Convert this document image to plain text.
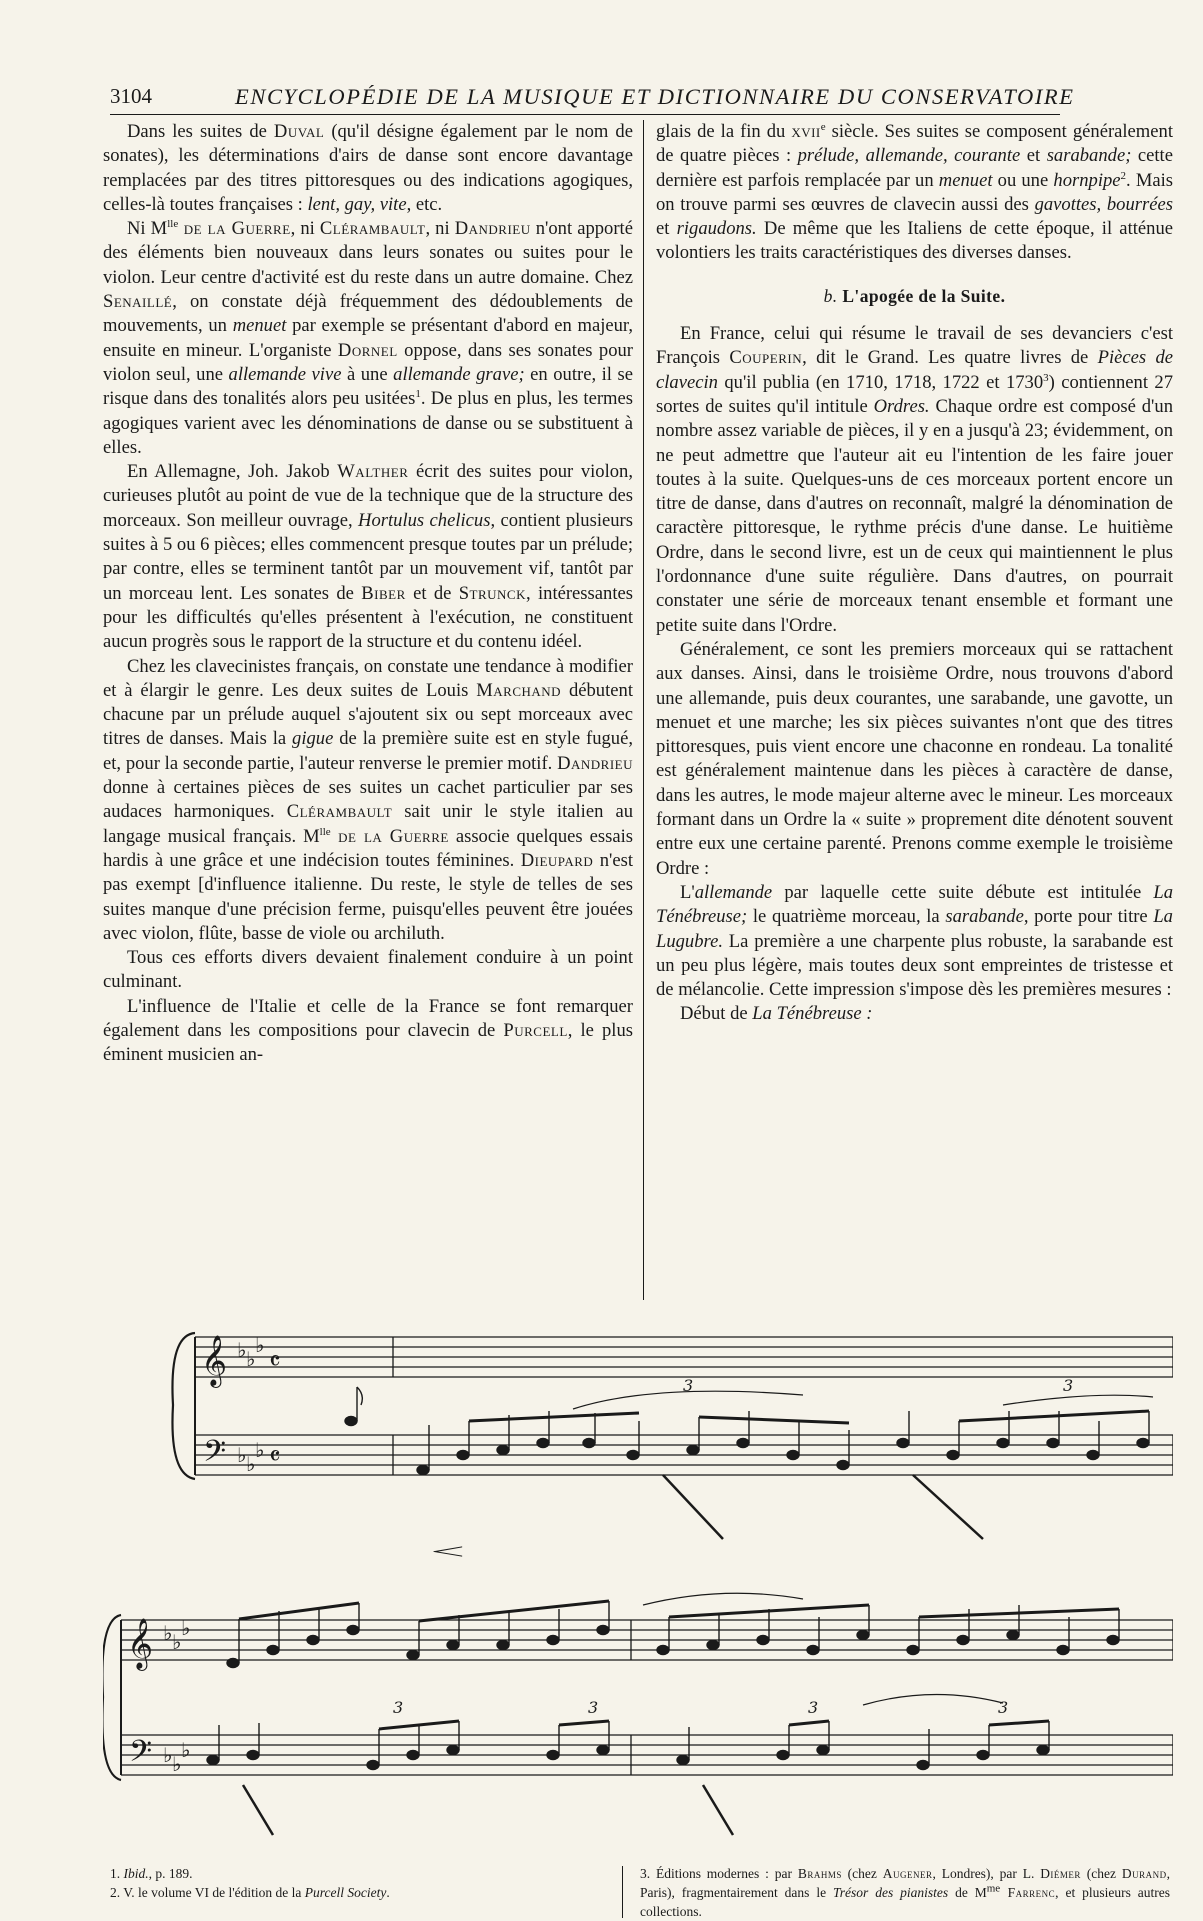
3104	ENCYCLOPÉDIE DE LA MUSIQUE ET DICTIONNAIRE DU CONSERVATOIRE

Dans les suites de Duval (qu'il désigne également par le nom de sonates), les déterminations d'airs de danse sont encore davantage remplacées par des titres pittoresques ou des indications agogiques, celles-là toutes françaises : lent, gay, vite, etc.

Ni $M^{lle}$ de la Guerre, ni Clérambault, ni Dandrieu n'ont apporté des éléments bien nouveaux dans leurs sonates ou suites pour le violon. Leur centre d'activité est du reste dans un autre domaine. Chez Senaillé, on constate déjà fréquemment des dédoublements de mouvements, un menuet par exemple se présentant d'abord en majeur, ensuite en mineur. L'organiste Dornel oppose, dans ses sonates pour violon seul, une allemande vive à une allemande grave; en outre, il se risque dans des tonalités alors peu usitées$^1$. De plus en plus, les termes agogiques varient avec les dénominations de danse ou se substituent à elles.

En Allemagne, Joh. Jakob Walther écrit des suites pour violon, curieuses plutôt au point de vue de la technique que de la structure des morceaux. Son meilleur ouvrage, Hortulus chelicus, contient plusieurs suites à 5 ou 6 pièces; elles commencent presque toutes par un prélude; par contre, elles se terminent tantôt par un mouvement vif, tantôt par un morceau lent. Les sonates de Biber et de Strunck, intéressantes pour les difficultés qu'elles présentent à l'exécution, ne constituent aucun progrès sous le rapport de la structure et du contenu idéel.

Chez les clavecinistes français, on constate une tendance à modifier et à élargir le genre. Les deux suites de Louis Marchand débutent chacune par un prélude auquel s'ajoutent six ou sept morceaux avec titres de danses. Mais la gigue de la première suite est en style fugué, et, pour la seconde partie, l'auteur renverse le premier motif. Dandrieu donne à certaines pièces de ses suites un cachet particulier par ses audaces harmoniques. Clérambault sait unir le style italien au langage musical français. $M^{lle}$ de la Guerre associe quelques essais hardis à une grâce et une indécision toutes féminines. Dieupard n'est pas exempt [d'influence italienne. Du reste, le style de telles de ses suites manque d'une précision ferme, puisqu'elles peuvent être jouées avec violon, flûte, basse de viole ou archiluth.

Tous ces efforts divers devaient finalement conduire à un point culminant.

L'influence de l'Italie et celle de la France se font remarquer également dans les compositions pour clavecin de Purcell, le plus éminent musicien an-

glais de la fin du xvii$^e$ siècle. Ses suites se composent généralement de quatre pièces : prélude, allemande, courante et sarabande; cette dernière est parfois remplacée par un menuet ou une hornpipe$^2$. Mais on trouve parmi ses œuvres de clavecin aussi des gavottes, bourrées et rigaudons. De même que les Italiens de cette époque, il atténue volontiers les traits caractéristiques des diverses danses.

b. L'apogée de la Suite.

En France, celui qui résume le travail de ses devanciers c'est François Couperin, dit le Grand. Les quatre livres de Pièces de clavecin qu'il publia (en 1710, 1718, 1722 et 1730$^3$) contiennent 27 sortes de suites qu'il intitule Ordres. Chaque ordre est composé d'un nombre assez variable de pièces, il y en a jusqu'à 23; évidemment, on ne peut admettre que l'auteur ait eu l'intention de les faire jouer toutes à la suite. Quelques-uns de ces morceaux portent encore un titre de danse, dans d'autres on reconnaît, malgré la dénomination de caractère pittoresque, le rythme précis d'une danse. Le huitième Ordre, dans le second livre, est un de ceux qui maintiennent le plus l'ordonnance d'une suite régulière. Dans d'autres, on pourrait constater une série de morceaux tenant ensemble et formant une petite suite dans l'Ordre.

Généralement, ce sont les premiers morceaux qui se rattachent aux danses. Ainsi, dans le troisième Ordre, nous trouvons d'abord une allemande, puis deux courantes, une sarabande, une gavotte, un menuet et une marche; les six pièces suivantes n'ont que des titres pittoresques, puis vient encore une chaconne en rondeau. La tonalité est généralement maintenue dans les pièces à caractère de danse, dans les autres, le mode majeur alterne avec le mineur. Les morceaux formant dans un Ordre la « suite » proprement dite dénotent souvent entre eux une certaine parenté. Prenons comme exemple le troisième Ordre :

L'allemande par laquelle cette suite débute est intitulée La Ténébreuse; le quatrième morceau, la sarabande, porte pour titre La Lugubre. La première a une charpente plus robuste, la sarabande est un peu plus légère, mais toutes deux sont empreintes de tristesse et de mélancolie. Cette impression s'impose dès les premières mesures :

Début de La Ténébreuse :

𝄞
𝄢
♭ ♭
♭
♭ ♭
♭
𝄴
𝄴
𝆒
3	3
3	3	3	3
𝄞
𝄢
♭ ♭
♭
♭ ♭
♭

1. Ibid., p. 189.

2. V. le volume VI de l'édition de la Purcell Society.

3. Éditions modernes : par Brahms (chez Augener, Londres), par L. Diémer (chez Durand, Paris), fragmentairement dans le Trésor des pianistes de $M^{me}$ Farrenc, et plusieurs autres collections.
